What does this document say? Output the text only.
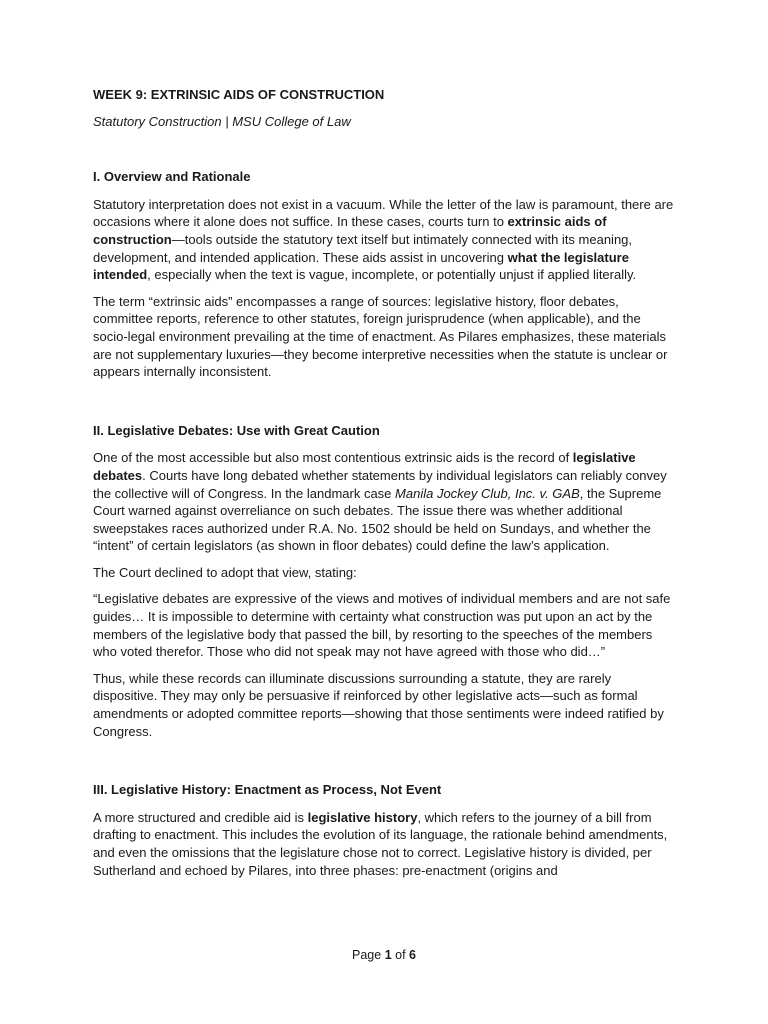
WEEK 9: EXTRINSIC AIDS OF CONSTRUCTION
Statutory Construction | MSU College of Law
I. Overview and Rationale

Statutory interpretation does not exist in a vacuum. While the letter of the law is paramount, there are occasions where it alone does not suffice. In these cases, courts turn to extrinsic aids of construction—tools outside the statutory text itself but intimately connected with its meaning, development, and intended application. These aids assist in uncovering what the legislature intended, especially when the text is vague, incomplete, or potentially unjust if applied literally.

The term “extrinsic aids” encompasses a range of sources: legislative history, floor debates, committee reports, reference to other statutes, foreign jurisprudence (when applicable), and the socio-legal environment prevailing at the time of enactment. As Pilares emphasizes, these materials are not supplementary luxuries—they become interpretive necessities when the statute is unclear or appears internally inconsistent.

II. Legislative Debates: Use with Great Caution

One of the most accessible but also most contentious extrinsic aids is the record of legislative debates. Courts have long debated whether statements by individual legislators can reliably convey the collective will of Congress. In the landmark case Manila Jockey Club, Inc. v. GAB, the Supreme Court warned against overreliance on such debates. The issue there was whether additional sweepstakes races authorized under R.A. No. 1502 should be held on Sundays, and whether the “intent” of certain legislators (as shown in floor debates) could define the law’s application.

The Court declined to adopt that view, stating:

“Legislative debates are expressive of the views and motives of individual members and are not safe guides… It is impossible to determine with certainty what construction was put upon an act by the members of the legislative body that passed the bill, by resorting to the speeches of the members who voted therefor. Those who did not speak may not have agreed with those who did…”

Thus, while these records can illuminate discussions surrounding a statute, they are rarely dispositive. They may only be persuasive if reinforced by other legislative acts—such as formal amendments or adopted committee reports—showing that those sentiments were indeed ratified by Congress.

III. Legislative History: Enactment as Process, Not Event

A more structured and credible aid is legislative history, which refers to the journey of a bill from drafting to enactment. This includes the evolution of its language, the rationale behind amendments, and even the omissions that the legislature chose not to correct. Legislative history is divided, per Sutherland and echoed by Pilares, into three phases: pre-enactment (origins and

Page 1 of 6
